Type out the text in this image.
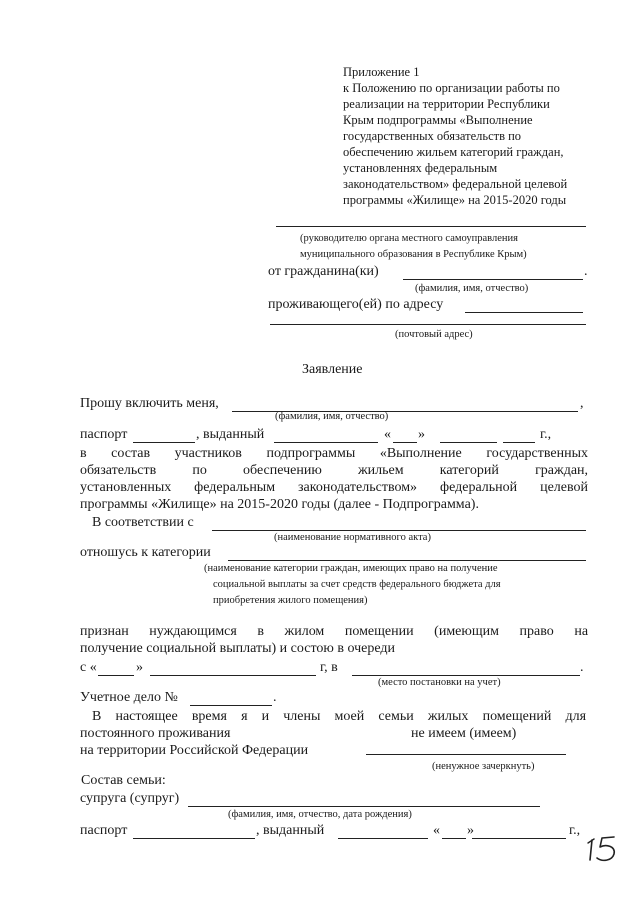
Приложение 1
к Положению по организации работы по
реализации на территории Республики
Крым подпрограммы «Выполнение
государственных обязательств по
обеспечению жильем категорий граждан,
установленнях федеральным
законодательством» федеральной целевой
программы «Жилище» на 2015-2020 годы
(руководителю органа местного самоуправления
муниципального образования в Республике Крым)
от гражданина(ки)	.
(фамилия, имя, отчество)
проживающего(ей) по адресу
(почтовый адрес)
Заявление
Прошу включить меня,	,
(фамилия, имя, отчество)
паспорт	, выданный	« »	г.,
в состав участников подпрограммы «Выполнение государственных
обязательств	по обеспечению	жильем	категорий	граждан,
установленных федеральным законодательством» федеральной целевой
программы «Жилище» на 2015-2020 годы (далее - Подпрограмма).
В соответствии с
(наименование нормативного акта)
отношусь к категории
(наименование категории граждан, имеющих право на получение
социальной выплаты за счет средств федерального бюджета для
приобретения жилого помещения)
признан нуждающимся в жилом помещении (имеющим право на
получение социальной выплаты) и состою в очереди
с «	»	г, в	.
(место постановки на учет)
Учетное дело №	.
В настоящее время я и члены моей семьи жилых помещений для
постоянного проживания	не имеем (имеем)
на территории Российской Федерации
(ненужное зачеркнуть)
Состав семьи:
супруга (супруг)
(фамилия, имя, отчество, дата рождения)
паспорт	, выданный	« »	г.,
